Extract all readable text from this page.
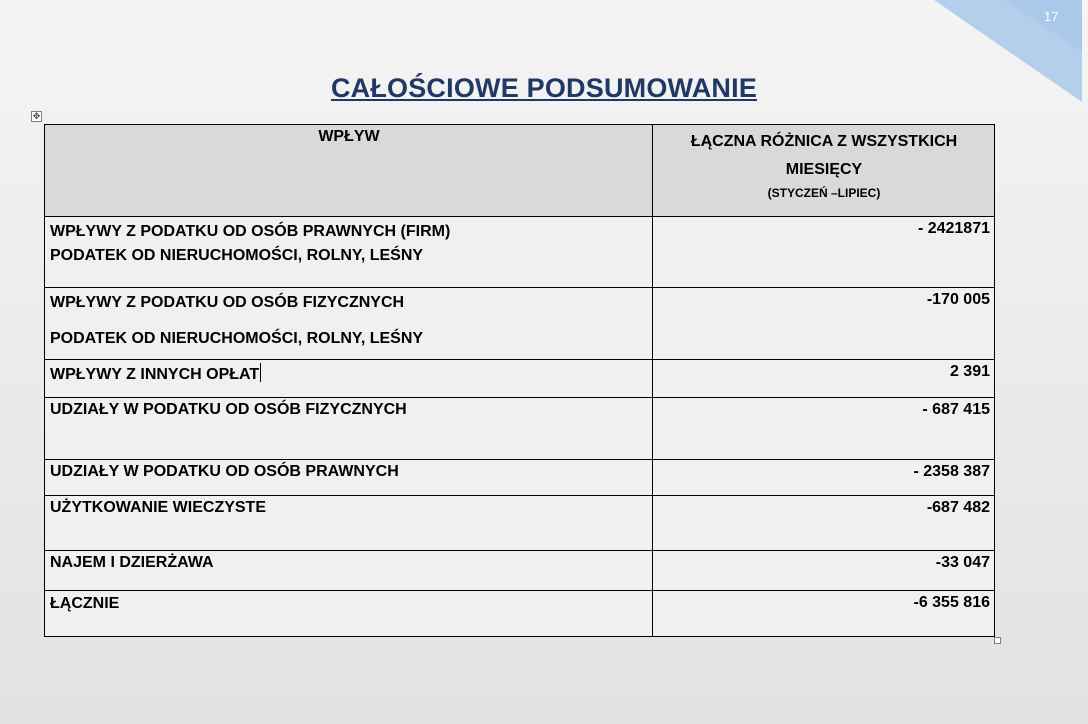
17
CAŁOŚCIOWE PODSUMOWANIE
✥
WPŁYW	ŁĄCZNA RÓŻNICA Z WSZYSTKICH MIESIĘCY
(STYCZEŃ –LIPIEC)

WPŁYWY Z PODATKU OD OSÓB PRAWNYCH (FIRM)
PODATEK OD NIERUCHOMOŚCI, ROLNY, LEŚNY	- 2421871

WPŁYWY Z PODATKU OD OSÓB FIZYCZNYCH
PODATEK OD NIERUCHOMOŚCI, ROLNY, LEŚNY	-170 005
WPŁYWY Z INNYCH OPŁAT	2 391
UDZIAŁY W PODATKU OD OSÓB FIZYCZNYCH	- 687 415
UDZIAŁY W PODATKU OD OSÓB PRAWNYCH	- 2358 387
UŻYTKOWANIE WIECZYSTE	-687 482
NAJEM I DZIERŻAWA	-33 047
ŁĄCZNIE	-6 355 816
